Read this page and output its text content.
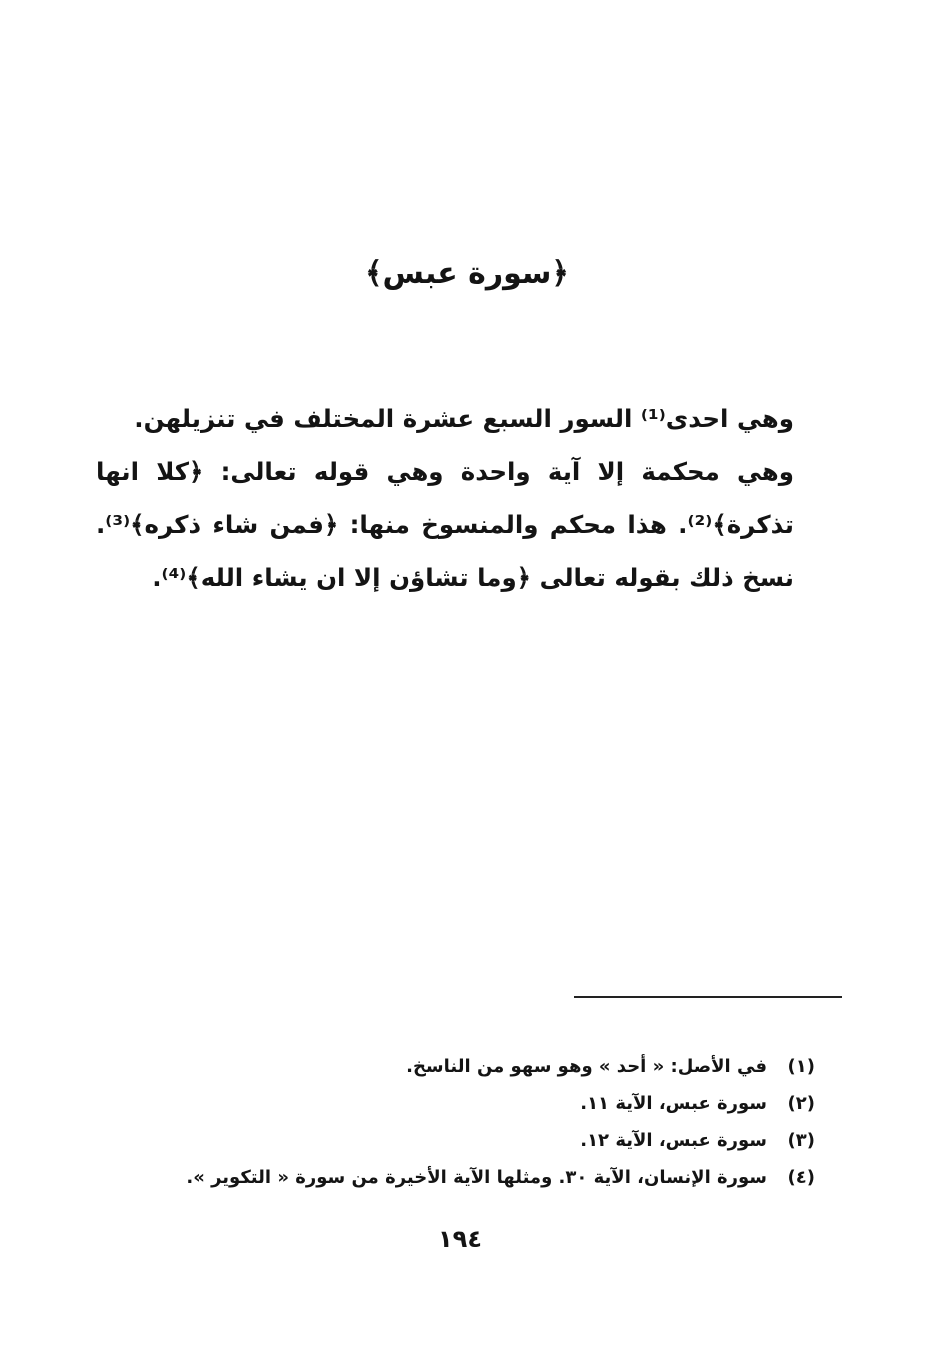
﴿سورة عبس﴾

وهي احدى⁽¹⁾ السور السبع عشرة المختلف في تنزيلهن.

وهي محكمة إلا آية واحدة وهي قوله تعالى: ﴿كلا انها تذكرة﴾⁽²⁾. هذا محكم والمنسوخ منها: ﴿فمن شاء ذكره﴾⁽³⁾. نسخ ذلك بقوله تعالى ﴿وما تشاؤن إلا ان يشاء الله﴾⁽⁴⁾.

(١)
في الأصل: « أحد » وهو سهو من الناسخ.
(٢)
سورة عبس، الآية ١١.
(٣)
سورة عبس، الآية ١٢.
(٤)
سورة الإنسان، الآية ٣٠. ومثلها الآية الأخيرة من سورة « التكوير ».
١٩٤
